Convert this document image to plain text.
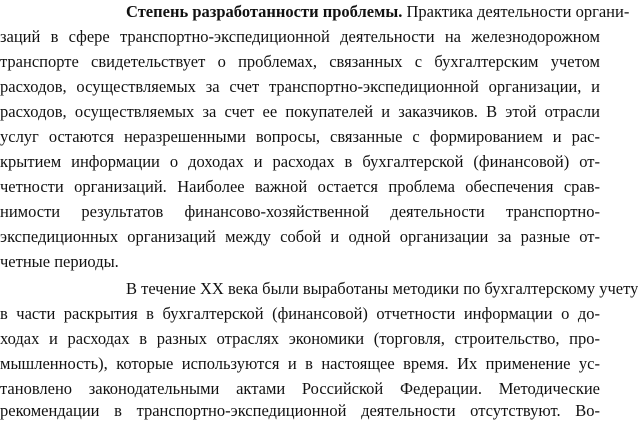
Степень разработанности проблемы. Практика деятельности органи-
заций в сфере транспортно-экспедиционной деятельности на железнодорожном
транспорте свидетельствует о проблемах, связанных с бухгалтерским учетом
расходов, осуществляемых за счет транспортно-экспедиционной организации, и
расходов, осуществляемых за счет ее покупателей и заказчиков. В этой отрасли
услуг остаются неразрешенными вопросы, связанные с формированием и рас-
крытием информации о доходах и расходах в бухгалтерской (финансовой) от-
четности организаций. Наиболее важной остается проблема обеспечения срав-
нимости результатов финансово-хозяйственной деятельности транспортно-
экспедиционных организаций между собой и одной организации за разные от-
четные периоды.
В течение XX века были выработаны методики по бухгалтерскому учету
в части раскрытия в бухгалтерской (финансовой) отчетности информации о до-
ходах и расходах в разных отраслях экономики (торговля, строительство, про-
мышленность), которые используются и в настоящее время. Их применение ус-
тановлено законодательными актами Российской Федерации. Методические
рекомендации в транспортно-экспедиционной деятельности отсутствуют. Во-
